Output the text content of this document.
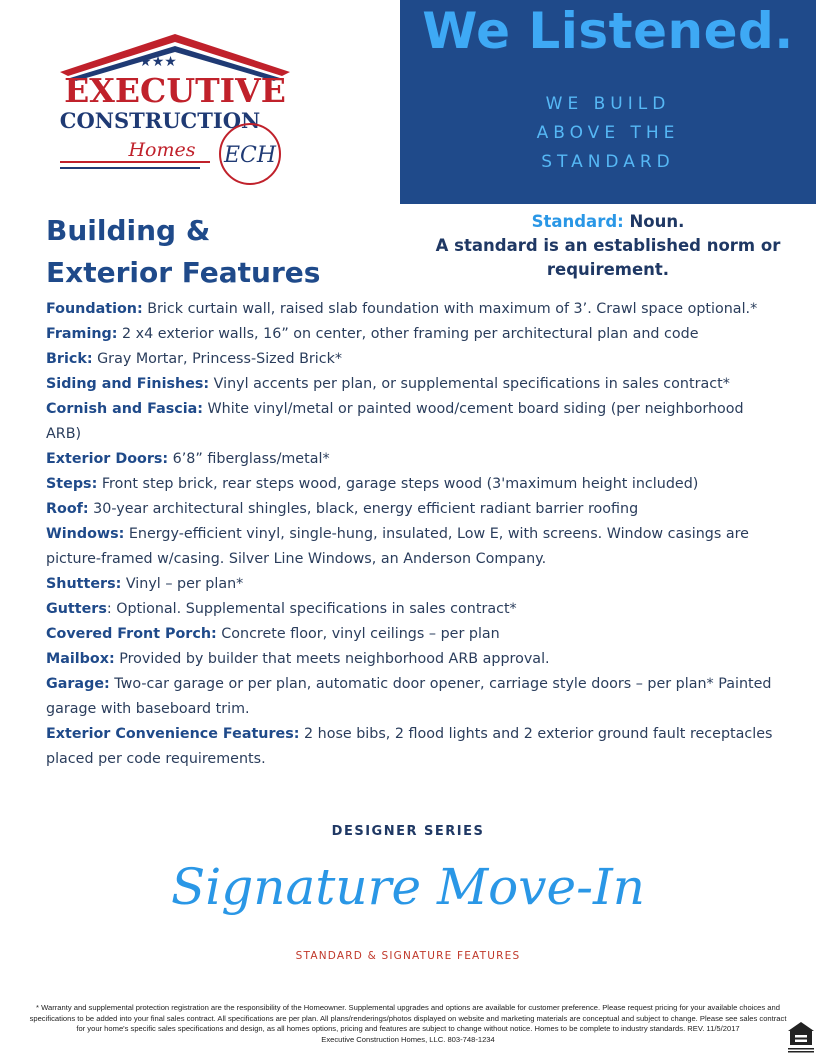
★★★
EXECUTIVE
CONSTRUCTION
Homes ECH
We Listened.
WE BUILD
ABOVE THE
STANDARD
Standard: Noun.
A standard is an established norm or requirement.
Building &
Exterior Features

Foundation: Brick curtain wall, raised slab foundation with maximum of 3’. Crawl space optional.*

Framing: 2 x4 exterior walls, 16” on center, other framing per architectural plan and code

Brick: Gray Mortar, Princess-Sized Brick*

Siding and Finishes: Vinyl accents per plan, or supplemental specifications in sales contract*

Cornish and Fascia: White vinyl/metal or painted wood/cement board siding (per neighborhood ARB)

Exterior Doors: 6’8” fiberglass/metal*

Steps: Front step brick, rear steps wood, garage steps wood (3'maximum height included)

Roof: 30-year architectural shingles, black, energy efficient radiant barrier roofing

Windows: Energy-efficient vinyl, single-hung, insulated, Low E, with screens. Window casings are picture-framed w/casing. Silver Line Windows, an Anderson Company.

Shutters: Vinyl – per plan*

Gutters: Optional. Supplemental specifications in sales contract*

Covered Front Porch: Concrete floor, vinyl ceilings – per plan

Mailbox: Provided by builder that meets neighborhood ARB approval.

Garage: Two-car garage or per plan, automatic door opener, carriage style doors – per plan* Painted garage with baseboard trim.

Exterior Convenience Features: 2 hose bibs, 2 flood lights and 2 exterior ground fault receptacles placed per code requirements.

DESIGNER SERIES
Signature Move-In
STANDARD & SIGNATURE FEATURES
* Warranty and supplemental protection registration are the responsibility of the Homeowner. Supplemental upgrades and options are available for customer preference. Please request pricing for your available choices and specifications to be added into your final sales contract. All specifications are per plan. All plans/renderings/photos displayed on website and marketing materials are conceptual and subject to change. Please see sales contract for your home's specific sales specifications and design, as all homes options, pricing and features are subject to change without notice. Homes to be complete to industry standards. REV. 11/5/2017
Executive Construction Homes, LLC. 803-748-1234
